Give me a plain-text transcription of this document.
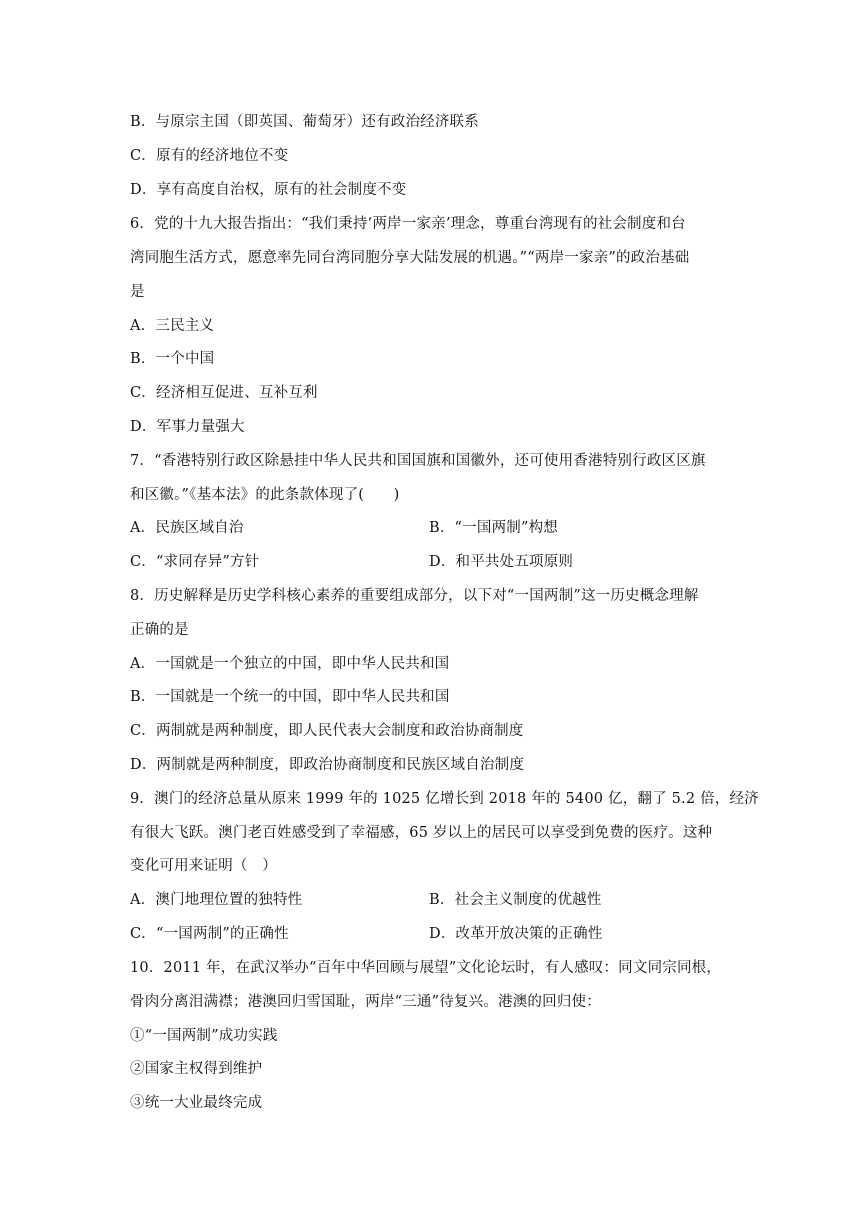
B．与原宗主国（即英国、葡萄牙）还有政治经济联系
C．原有的经济地位不变
D．享有高度自治权，原有的社会制度不变
6．党的十九大报告指出：“我们秉持‘两岸一家亲’理念，尊重台湾现有的社会制度和台
湾同胞生活方式，愿意率先同台湾同胞分享大陆发展的机遇。”“两岸一家亲”的政治基础
是
A．三民主义
B．一个中国
C．经济相互促进、互补互利
D．军事力量强大
7．“香港特别行政区除悬挂中华人民共和国国旗和国徽外，还可使用香港特别行政区区旗
和区徽。”《基本法》的此条款体现了(　　)
A．民族区域自治	B．“一国两制”构想
C．“求同存异”方针	D．和平共处五项原则
8．历史解释是历史学科核心素养的重要组成部分，以下对“一国两制”这一历史概念理解
正确的是
A．一国就是一个独立的中国，即中华人民共和国
B．一国就是一个统一的中国，即中华人民共和国
C．两制就是两种制度，即人民代表大会制度和政治协商制度
D．两制就是两种制度，即政治协商制度和民族区域自治制度
9．澳门的经济总量从原来 1999 年的 1025 亿增长到 2018 年的 5400 亿，翻了 5.2 倍，经济
有很大飞跃。澳门老百姓感受到了幸福感，65 岁以上的居民可以享受到免费的医疗。这种
变化可用来证明（　）
A．澳门地理位置的独特性	B．社会主义制度的优越性
C．“一国两制”的正确性	D．改革开放决策的正确性
10．2011 年，在武汉举办“百年中华回顾与展望”文化论坛时，有人感叹：同文同宗同根，
骨肉分离泪满襟；港澳回归雪国耻，两岸“三通”待复兴。港澳的回归使：
①“一国两制”成功实践
②国家主权得到维护
③统一大业最终完成
